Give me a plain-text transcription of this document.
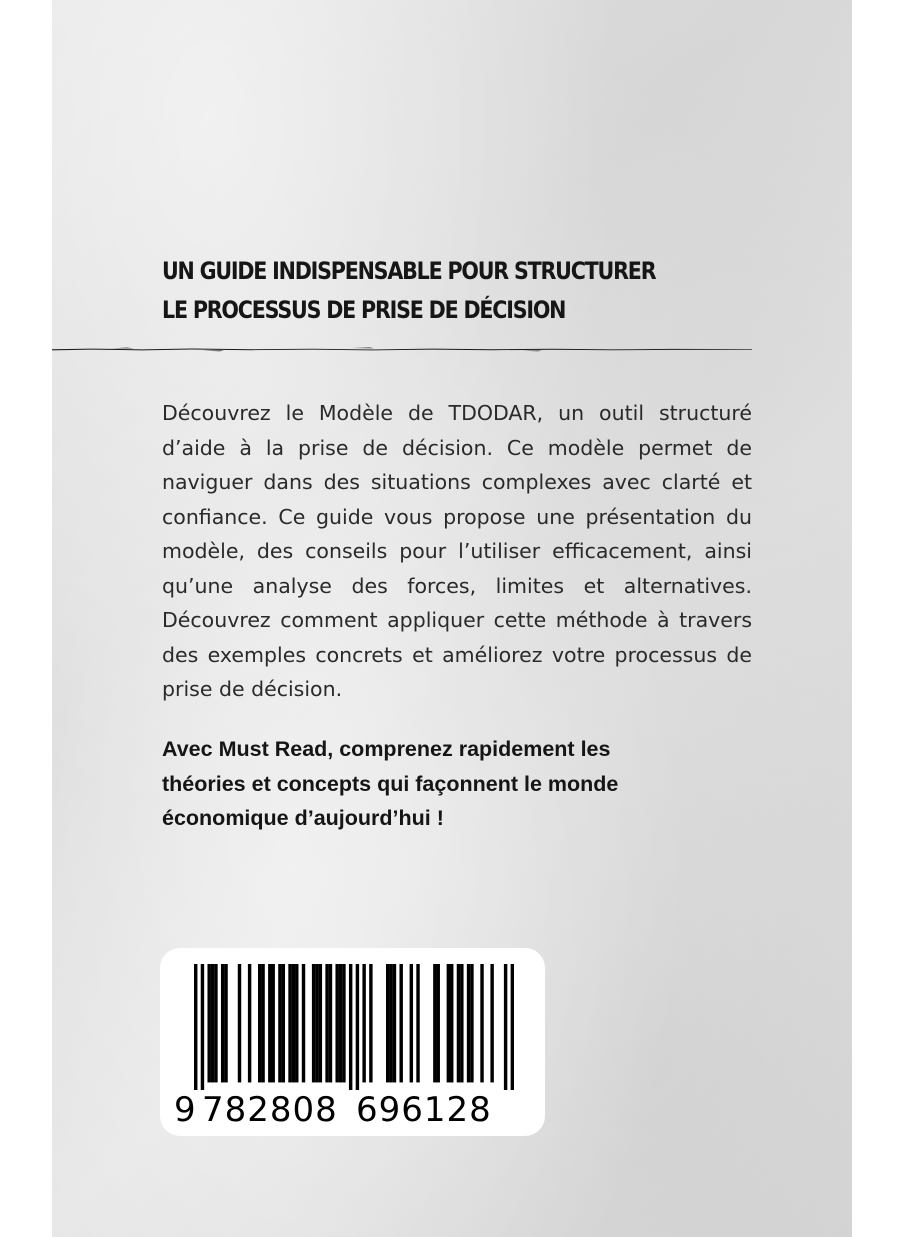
UN GUIDE INDISPENSABLE POUR STRUCTURER
LE PROCESSUS DE PRISE DE DÉCISION

Découvrez le Modèle de TDODAR, un outil structuré d’aide à la prise de décision. Ce modèle permet de naviguer dans des situations complexes avec clarté et confiance. Ce guide vous propose une présentation du modèle, des conseils pour l’utiliser efficacement, ainsi qu’une analyse des forces, limites et alternatives. Découvrez comment appliquer cette méthode à travers des exemples concrets et améliorez votre processus de prise de décision.

Avec Must Read, comprenez rapidement les
théories et concepts qui façonnent le monde
économique d’aujourd’hui !

9 782808 696128
